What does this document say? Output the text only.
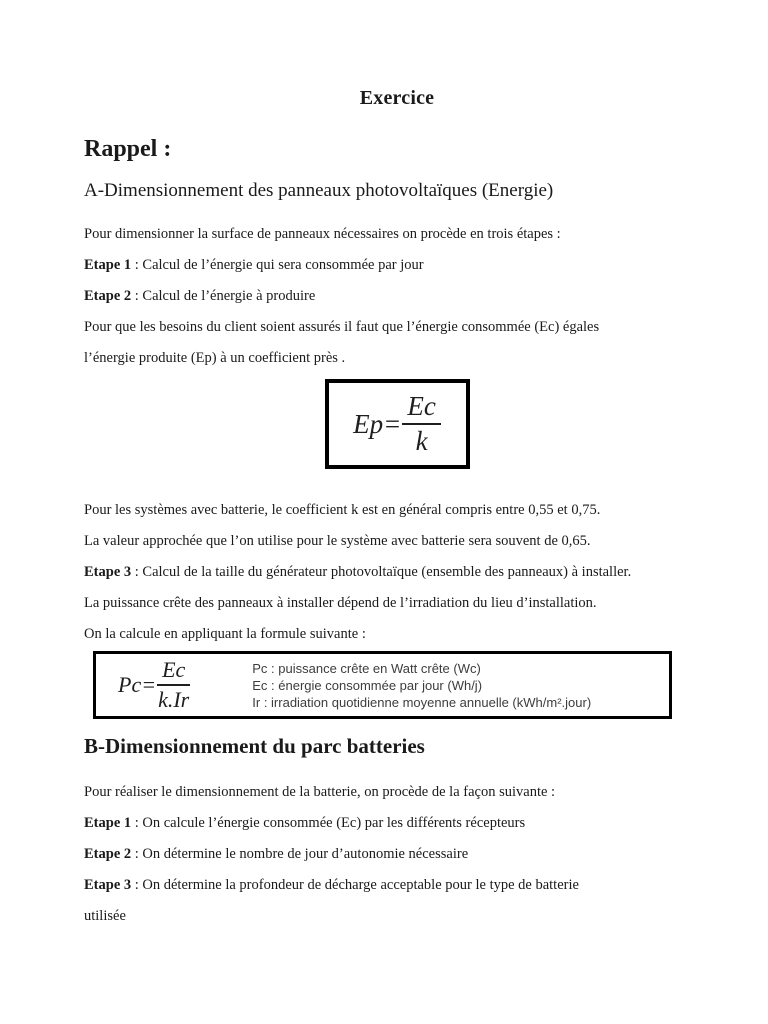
Exercice
Rappel :
A-Dimensionnement des panneaux photovoltaïques (Energie)

Pour dimensionner la surface de panneaux nécessaires on procède en trois étapes :

Etape 1 : Calcul de l’énergie qui sera consommée par jour

Etape 2 : Calcul de l’énergie à produire

Pour que les besoins du client soient assurés il faut que l’énergie consommée (Ec) égales

l’énergie produite (Ep) à un coefficient près .

$Ep = \frac{Ec}{k}$

Pour les systèmes avec batterie, le coefficient k est en général compris entre 0,55 et 0,75.

La valeur approchée que l’on utilise pour le système avec batterie sera souvent de 0,65.

Etape 3 : Calcul de la taille du générateur photovoltaïque (ensemble des panneaux) à installer.

La puissance crête des panneaux à installer dépend de l’irradiation du lieu d’installation.

On la calcule en appliquant la formule suivante :

$Pc = \frac{Ec}{k.Ir}$	Pc : puissance crête en Watt crête (Wc)

Ec : énergie consommée par jour (Wh/j)

Ir : irradiation quotidienne moyenne annuelle (kWh/m².jour)

B-Dimensionnement du parc batteries

Pour réaliser le dimensionnement de la batterie, on procède de la façon suivante :

Etape 1 : On calcule l’énergie consommée (Ec) par les différents récepteurs

Etape 2 : On détermine le nombre de jour d’autonomie nécessaire

Etape 3 : On détermine la profondeur de décharge acceptable pour le type de batterie

utilisée
